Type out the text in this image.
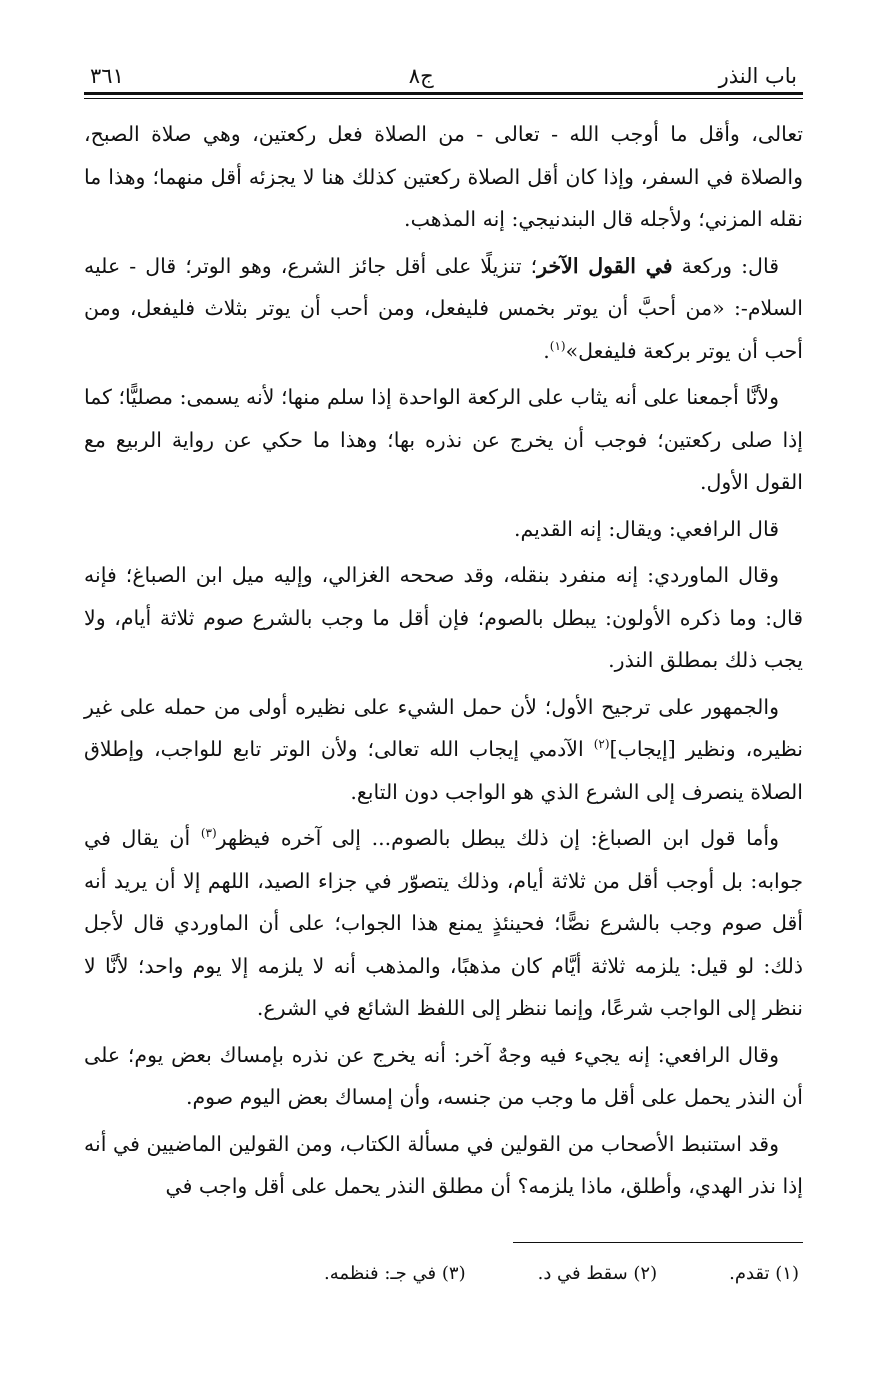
باب النذر
ج٨
٣٦١

تعالى، وأقل ما أوجب الله - تعالى - من الصلاة فعل ركعتين، وهي صلاة الصبح، والصلاة في السفر، وإذا كان أقل الصلاة ركعتين كذلك هنا لا يجزئه أقل منهما؛ وهذا ما نقله المزني؛ ولأجله قال البندنيجي: إنه المذهب.

قال: وركعة في القول الآخر؛ تنزيلًا على أقل جائز الشرع، وهو الوتر؛ قال - عليه السلام-: «من أحبَّ أن يوتر بخمس فليفعل، ومن أحب أن يوتر بثلاث فليفعل، ومن أحب أن يوتر بركعة فليفعل»$^{(١)}$.

ولأنَّا أجمعنا على أنه يثاب على الركعة الواحدة إذا سلم منها؛ لأنه يسمى: مصليًّا؛ كما إذا صلى ركعتين؛ فوجب أن يخرج عن نذره بها؛ وهذا ما حكي عن رواية الربيع مع القول الأول.

قال الرافعي: ويقال: إنه القديم.

وقال الماوردي: إنه منفرد بنقله، وقد صححه الغزالي، وإليه ميل ابن الصباغ؛ فإنه قال: وما ذكره الأولون: يبطل بالصوم؛ فإن أقل ما وجب بالشرع صوم ثلاثة أيام، ولا يجب ذلك بمطلق النذر.

والجمهور على ترجيح الأول؛ لأن حمل الشيء على نظيره أولى من حمله على غير نظيره، ونظير [إيجاب]$^{(٢)}$ الآدمي إيجاب الله تعالى؛ ولأن الوتر تابع للواجب، وإطلاق الصلاة ينصرف إلى الشرع الذي هو الواجب دون التابع.

وأما قول ابن الصباغ: إن ذلك يبطل بالصوم... إلى آخره فيظهر$^{(٣)}$ أن يقال في جوابه: بل أوجب أقل من ثلاثة أيام، وذلك يتصوّر في جزاء الصيد، اللهم إلا أن يريد أنه أقل صوم وجب بالشرع نصًّا؛ فحينئذٍ يمنع هذا الجواب؛ على أن الماوردي قال لأجل ذلك: لو قيل: يلزمه ثلاثة أيَّام كان مذهبًا، والمذهب أنه لا يلزمه إلا يوم واحد؛ لأنَّا لا ننظر إلى الواجب شرعًا، وإنما ننظر إلى اللفظ الشائع في الشرع.

وقال الرافعي: إنه يجيء فيه وجهٌ آخر: أنه يخرج عن نذره بإمساك بعض يوم؛ على أن النذر يحمل على أقل ما وجب من جنسه، وأن إمساك بعض اليوم صوم.

وقد استنبط الأصحاب من القولين في مسألة الكتاب، ومن القولين الماضيين في أنه إذا نذر الهدي، وأطلق، ماذا يلزمه؟ أن مطلق النذر يحمل على أقل واجب في

(١) تقدم.
(٢) سقط في د.
(٣) في جـ: فنظمه.
